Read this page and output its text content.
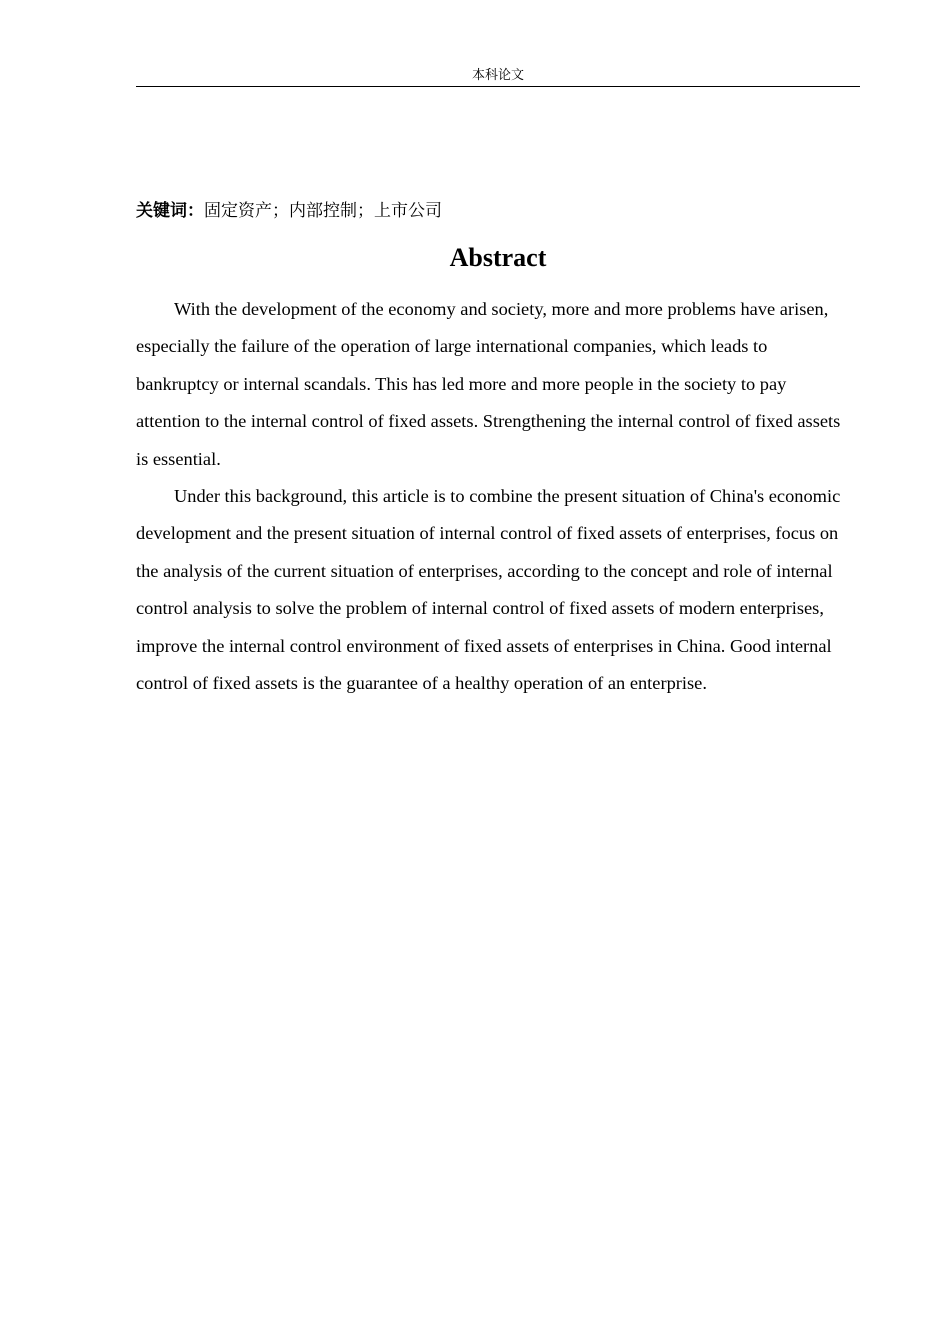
本科论文
关键词：固定资产；内部控制；上市公司
Abstract

With the development of the economy and society, more and more problems have arisen, especially the failure of the operation of large international companies, which leads to bankruptcy or internal scandals. This has led more and more people in the society to pay attention to the internal control of fixed assets. Strengthening the internal control of fixed assets is essential.

Under this background, this article is to combine the present situation of China's economic development and the present situation of internal control of fixed assets of enterprises, focus on the analysis of the current situation of enterprises, according to the concept and role of internal control analysis to solve the problem of internal control of fixed assets of modern enterprises, improve the internal control environment of fixed assets of enterprises in China. Good internal control of fixed assets is the guarantee of a healthy operation of an enterprise.
